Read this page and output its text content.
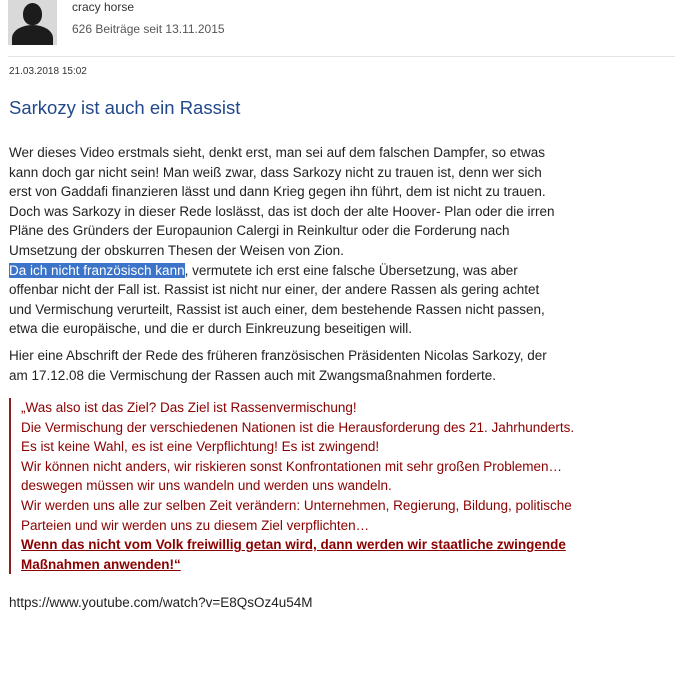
cracy horse
626 Beiträge seit 13.11.2015
21.03.2018 15:02
Sarkozy ist auch ein Rassist
Wer dieses Video erstmals sieht, denkt erst, man sei auf dem falschen Dampfer, so etwas
kann doch gar nicht sein! Man weiß zwar, dass Sarkozy nicht zu trauen ist, denn wer sich
erst von Gaddafi finanzieren lässt und dann Krieg gegen ihn führt, dem ist nicht zu trauen.
Doch was Sarkozy in dieser Rede loslässt, das ist doch der alte Hoover- Plan oder die irren
Pläne des Gründers der Europaunion Calergi in Reinkultur oder die Forderung nach
Umsetzung der obskurren Thesen der Weisen von Zion.
Da ich nicht französisch kann, vermutete ich erst eine falsche Übersetzung, was aber
offenbar nicht der Fall ist. Rassist ist nicht nur einer, der andere Rassen als gering achtet
und Vermischung verurteilt, Rassist ist auch einer, dem bestehende Rassen nicht passen,
etwa die europäische, und die er durch Einkreuzung beseitigen will.
Hier eine Abschrift der Rede des früheren französischen Präsidenten Nicolas Sarkozy, der
am 17.12.08 die Vermischung der Rassen auch mit Zwangsmaßnahmen forderte.
„Was also ist das Ziel? Das Ziel ist Rassenvermischung!
Die Vermischung der verschiedenen Nationen ist die Herausforderung des 21. Jahrhunderts.
Es ist keine Wahl, es ist eine Verpflichtung! Es ist zwingend!
Wir können nicht anders, wir riskieren sonst Konfrontationen mit sehr großen Problemen…
deswegen müssen wir uns wandeln und werden uns wandeln.
Wir werden uns alle zur selben Zeit verändern: Unternehmen, Regierung, Bildung, politische
Parteien und wir werden uns zu diesem Ziel verpflichten…
Wenn das nicht vom Volk freiwillig getan wird, dann werden wir staatliche zwingende
Maßnahmen anwenden!“
https://www.youtube.com/watch?v=E8QsOz4u54M
